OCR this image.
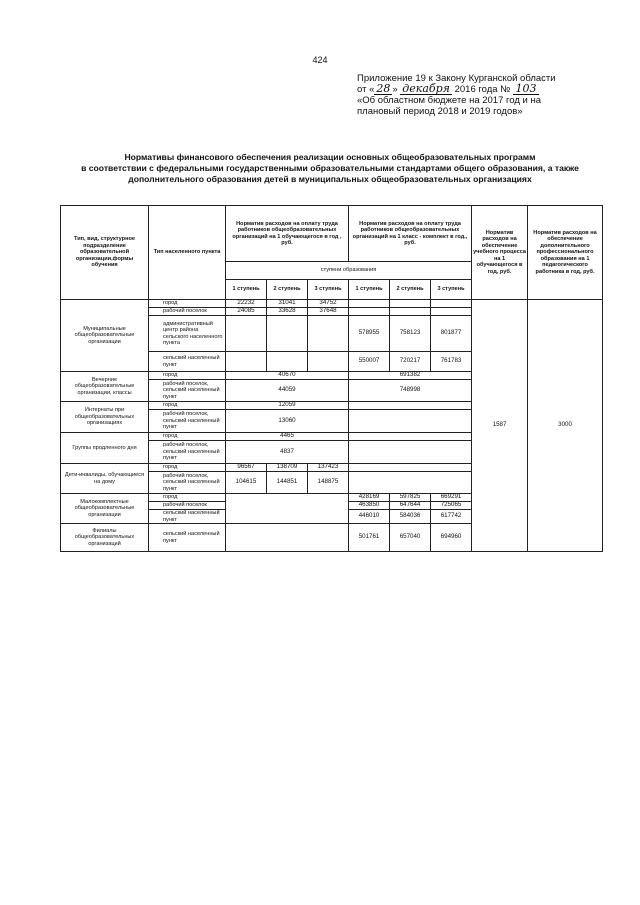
424
Приложение 19 к Закону Курганской области
от « 28 » декабря 2016 года № 103
«Об областном бюджете на 2017 год и на
плановый период 2018 и 2019 годов»
Нормативы финансового обеспечения реализации основных общеобразовательных программ
в соответствии с федеральными государственными образовательными стандартами общего образования, а также
дополнительного образования детей в муниципальных общеобразовательных организациях
Тип, вид, структурное подразделение образовательной организации,формы обучения	Тип населенного пункта	Норматив расходов на оплату труда работников общеобразовательных организаций на 1 обучающегося в год , руб.			Норматив расходов на оплату труда работников общеобразовательных организаций на 1 класс - комплект в год., руб.			Норматив расходов на обеспечение учебного процесса на 1 обучающегося в год, руб.	Норматив расходов на обеспечение дополнительного профессионального образования на 1 педагогического работника в год, руб.
		ступени образования							
		1 ступень	2 ступень	3 ступень	1 ступень	2 ступень	3 ступень		
Муниципальные общеобразовательные организации	город	22232	31041	34752				1587	3000
	рабочий поселок	24085	33628	37648					
	административный центр района сельского населенного пункта				578955	758123	801877		
	сельский населенный пункт				550007	720217	761783		
Вечерние общеобразовательные организации, классы	город	40670			691382				
	рабочий поселок, сельский населенный пункт	44059			748998				
Интернаты при общеобразовательных организациях	город	12059							
	рабочий поселок, сельский населенный пункт	13060							
Группы продленного дня	город	4465							
	рабочий поселок, сельский населенный пункт	4837							
Дети-инвалиды, обучающиеся на дому	город	96567	138709	137423					
	рабочий поселок, сельский населенный пункт	104615	144851	148875					
Малокомплектные общеобразовательные организации	город				428169	597825	669291		
	рабочий поселок				463850	647644	725065		
	сельский населенный пункт				446010	584036	617742		
Филиалы общеобразовательных организаций	сельский населенный пункт				501761	657040	694960		
